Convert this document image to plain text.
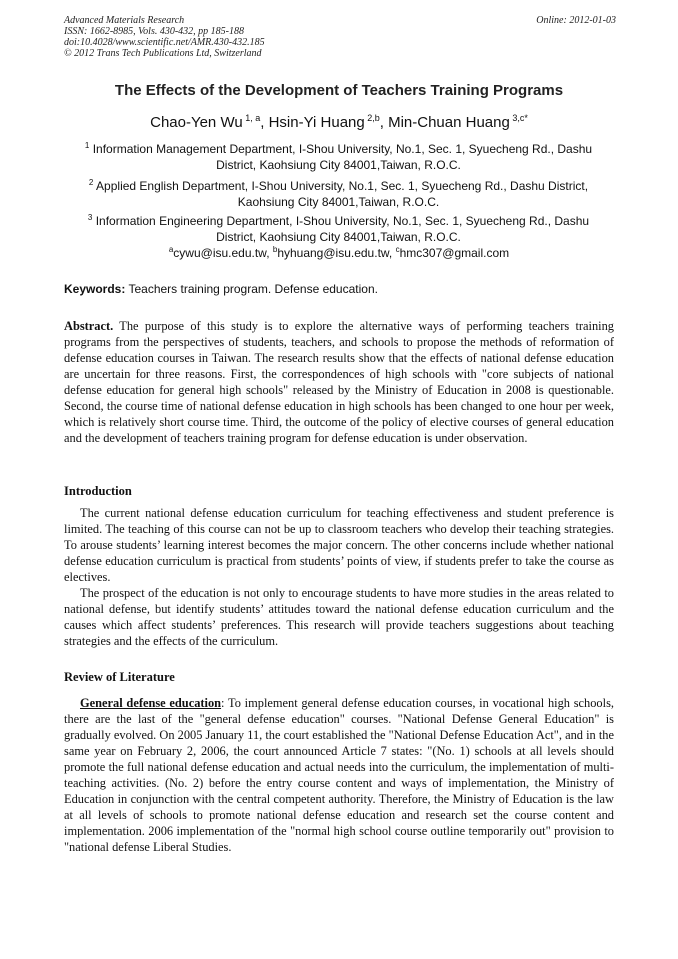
Advanced Materials Research
ISSN: 1662-8985, Vols. 430-432, pp 185-188
doi:10.4028/www.scientific.net/AMR.430-432.185
© 2012 Trans Tech Publications Ltd, Switzerland
Online: 2012-01-03
The Effects of the Development of Teachers Training Programs
Chao-Yen Wu $^{1, a}$, Hsin-Yi Huang $^{2,b}$, Min-Chuan Huang $^{3,c*}$
$^1$ Information Management Department, I-Shou University, No.1, Sec. 1, Syuecheng Rd., Dashu
District, Kaohsiung City 84001,Taiwan, R.O.C.
$^2$ Applied English Department, I-Shou University, No.1, Sec. 1, Syuecheng Rd., Dashu District,
Kaohsiung City 84001,Taiwan, R.O.C.
$^3$ Information Engineering Department, I-Shou University, No.1, Sec. 1, Syuecheng Rd., Dashu
District, Kaohsiung City 84001,Taiwan, R.O.C.
$^a$cywu@isu.edu.tw, $^b$hyhuang@isu.edu.tw, $^c$hmc307@gmail.com
Keywords: Teachers training program. Defense education.

Abstract. The purpose of this study is to explore the alternative ways of performing teachers training programs from the perspectives of students, teachers, and schools to propose the methods of reformation of defense education courses in Taiwan. The research results show that the effects of national defense education are uncertain for three reasons. First, the correspondences of high schools with "core subjects of national defense education for general high schools" released by the Ministry of Education in 2008 is questionable. Second, the course time of national defense education in high schools has been changed to one hour per week, which is relatively short course time. Third, the outcome of the policy of elective courses of general education and the development of teachers training program for defense education is under observation.

Introduction

The current national defense education curriculum for teaching effectiveness and student preference is limited. The teaching of this course can not be up to classroom teachers who develop their teaching strategies. To arouse students’ learning interest becomes the major concern. The other concerns include whether national defense education curriculum is practical from students’ points of view, if students prefer to take the course as electives.

The prospect of the education is not only to encourage students to have more studies in the areas related to national defense, but identify students’ attitudes toward the national defense education curriculum and the causes which affect students’ preferences. This research will provide teachers suggestions about teaching strategies and the effects of the curriculum.

Review of Literature

General defense education: To implement general defense education courses, in vocational high schools, there are the last of the "general defense education" courses. "National Defense General Education" is gradually evolved. On 2005 January 11, the court established the "National Defense Education Act", and in the same year on February 2, 2006, the court announced Article 7 states: "(No. 1) schools at all levels should promote the full national defense education and actual needs into the curriculum, the implementation of multi-teaching activities. (No. 2) before the entry course content and ways of implementation, the Ministry of Education in conjunction with the central competent authority. Therefore, the Ministry of Education is the law at all levels of schools to promote national defense education and research set the course content and implementation. 2006 implementation of the "normal high school course outline temporarily out" provision to "national defense Liberal Studies.
